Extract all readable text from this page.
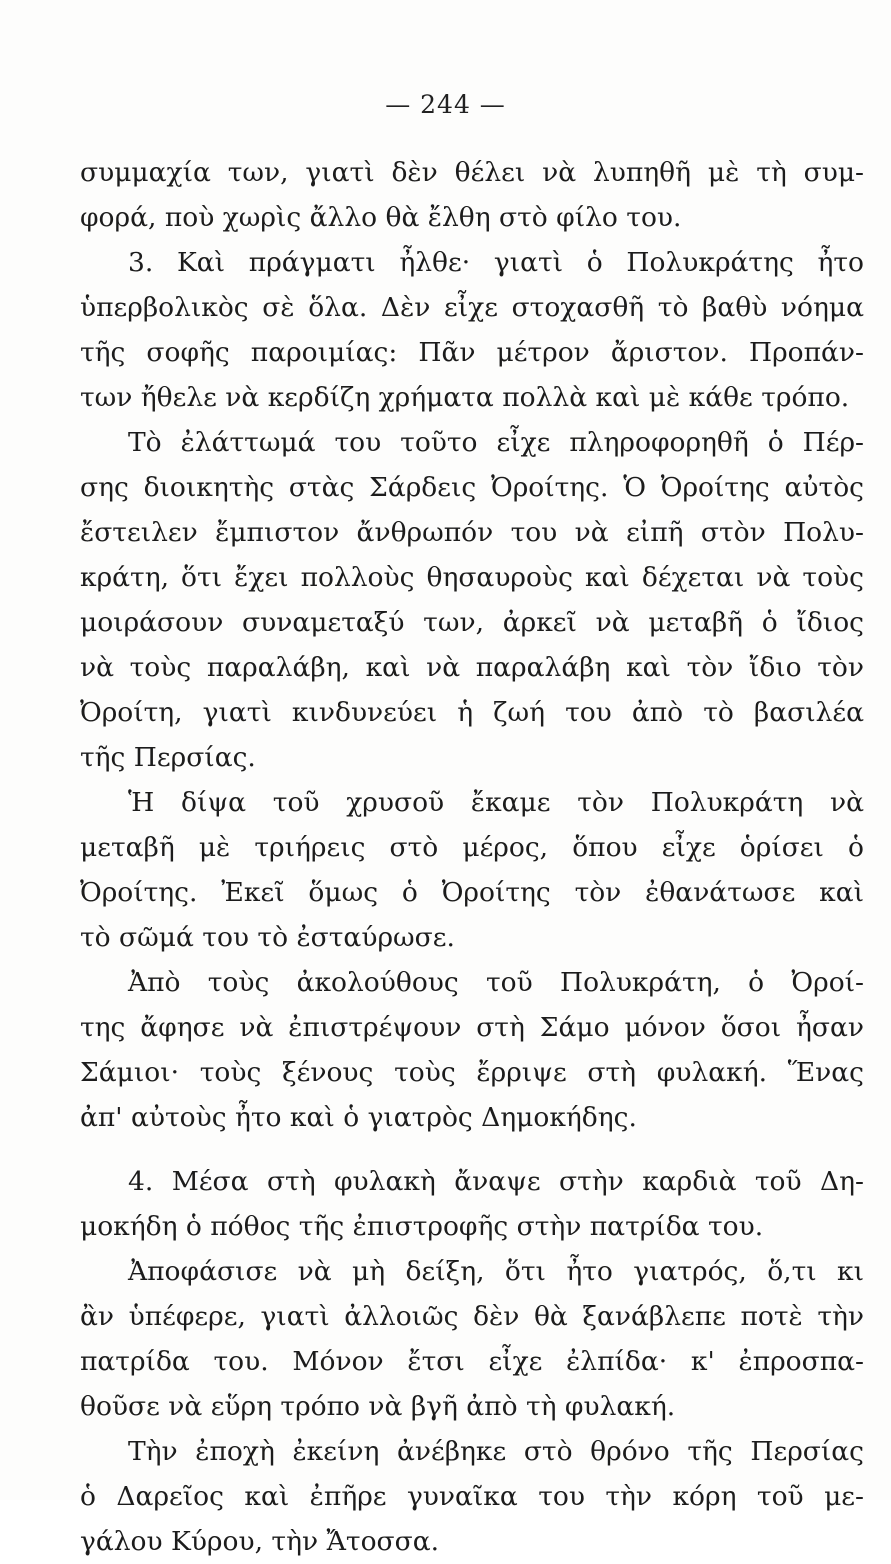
— 244 —
συμμαχία των, γιατὶ δὲν θέλει νὰ λυπηθῆ μὲ τὴ συμ-
φορά, ποὺ χωρὶς ἄλλο θὰ ἔλθη στὸ φίλο του.
3. Καὶ πράγματι ἦλθε· γιατὶ ὁ Πολυκράτης ἦτο
ὑπερβολικὸς σὲ ὅλα. Δὲν εἶχε στοχασθῆ τὸ βαθὺ νόημα
τῆς σοφῆς παροιμίας: Πᾶν μέτρον ἄριστον. Προπάν-
των ἤθελε νὰ κερδίζη χρήματα πολλὰ καὶ μὲ κάθε τρόπο.
Τὸ ἐλάττωμά του τοῦτο εἶχε πληροφορηθῆ ὁ Πέρ-
σης διοικητὴς στὰς Σάρδεις Ὀροίτης. Ὁ Ὀροίτης αὐτὸς
ἔστειλεν ἔμπιστον ἄνθρωπόν του νὰ εἰπῆ στὸν Πολυ-
κράτη, ὅτι ἔχει πολλοὺς θησαυροὺς καὶ δέχεται νὰ τοὺς
μοιράσουν συναμεταξύ των, ἀρκεῖ νὰ μεταβῆ ὁ ἴδιος
νὰ τοὺς παραλάβη, καὶ νὰ παραλάβη καὶ τὸν ἴδιο τὸν
Ὀροίτη, γιατὶ κινδυνεύει ἡ ζωή του ἀπὸ τὸ βασιλέα
τῆς Περσίας.
Ἡ δίψα τοῦ χρυσοῦ ἔκαμε τὸν Πολυκράτη νὰ
μεταβῆ μὲ τριήρεις στὸ μέρος, ὅπου εἶχε ὁρίσει ὁ
Ὀροίτης. Ἐκεῖ ὅμως ὁ Ὀροίτης τὸν ἐθανάτωσε καὶ
τὸ σῶμά του τὸ ἐσταύρωσε.
Ἀπὸ τοὺς ἀκολούθους τοῦ Πολυκράτη, ὁ Ὀροί-
της ἄφησε νὰ ἐπιστρέψουν στὴ Σάμο μόνον ὅσοι ἦσαν
Σάμιοι· τοὺς ξένους τοὺς ἔρριψε στὴ φυλακή. Ἕνας
ἀπ' αὐτοὺς ἦτο καὶ ὁ γιατρὸς Δημοκήδης.
4. Μέσα στὴ φυλακὴ ἄναψε στὴν καρδιὰ τοῦ Δη-
μοκήδη ὁ πόθος τῆς ἐπιστροφῆς στὴν πατρίδα του.
Ἀποφάσισε νὰ μὴ δείξη, ὅτι ἦτο γιατρός, ὅ,τι κι
ἂν ὑπέφερε, γιατὶ ἀλλοιῶς δὲν θὰ ξανάβλεπε ποτὲ τὴν
πατρίδα του. Μόνον ἔτσι εἶχε ἐλπίδα· κ' ἐπροσπα-
θοῦσε νὰ εὕρη τρόπο νὰ βγῆ ἀπὸ τὴ φυλακή.
Τὴν ἐποχὴ ἐκείνη ἀνέβηκε στὸ θρόνο τῆς Περσίας
ὁ Δαρεῖος καὶ ἐπῆρε γυναῖκα του τὴν κόρη τοῦ με-
γάλου Κύρου, τὴν Ἄτοσσα.
